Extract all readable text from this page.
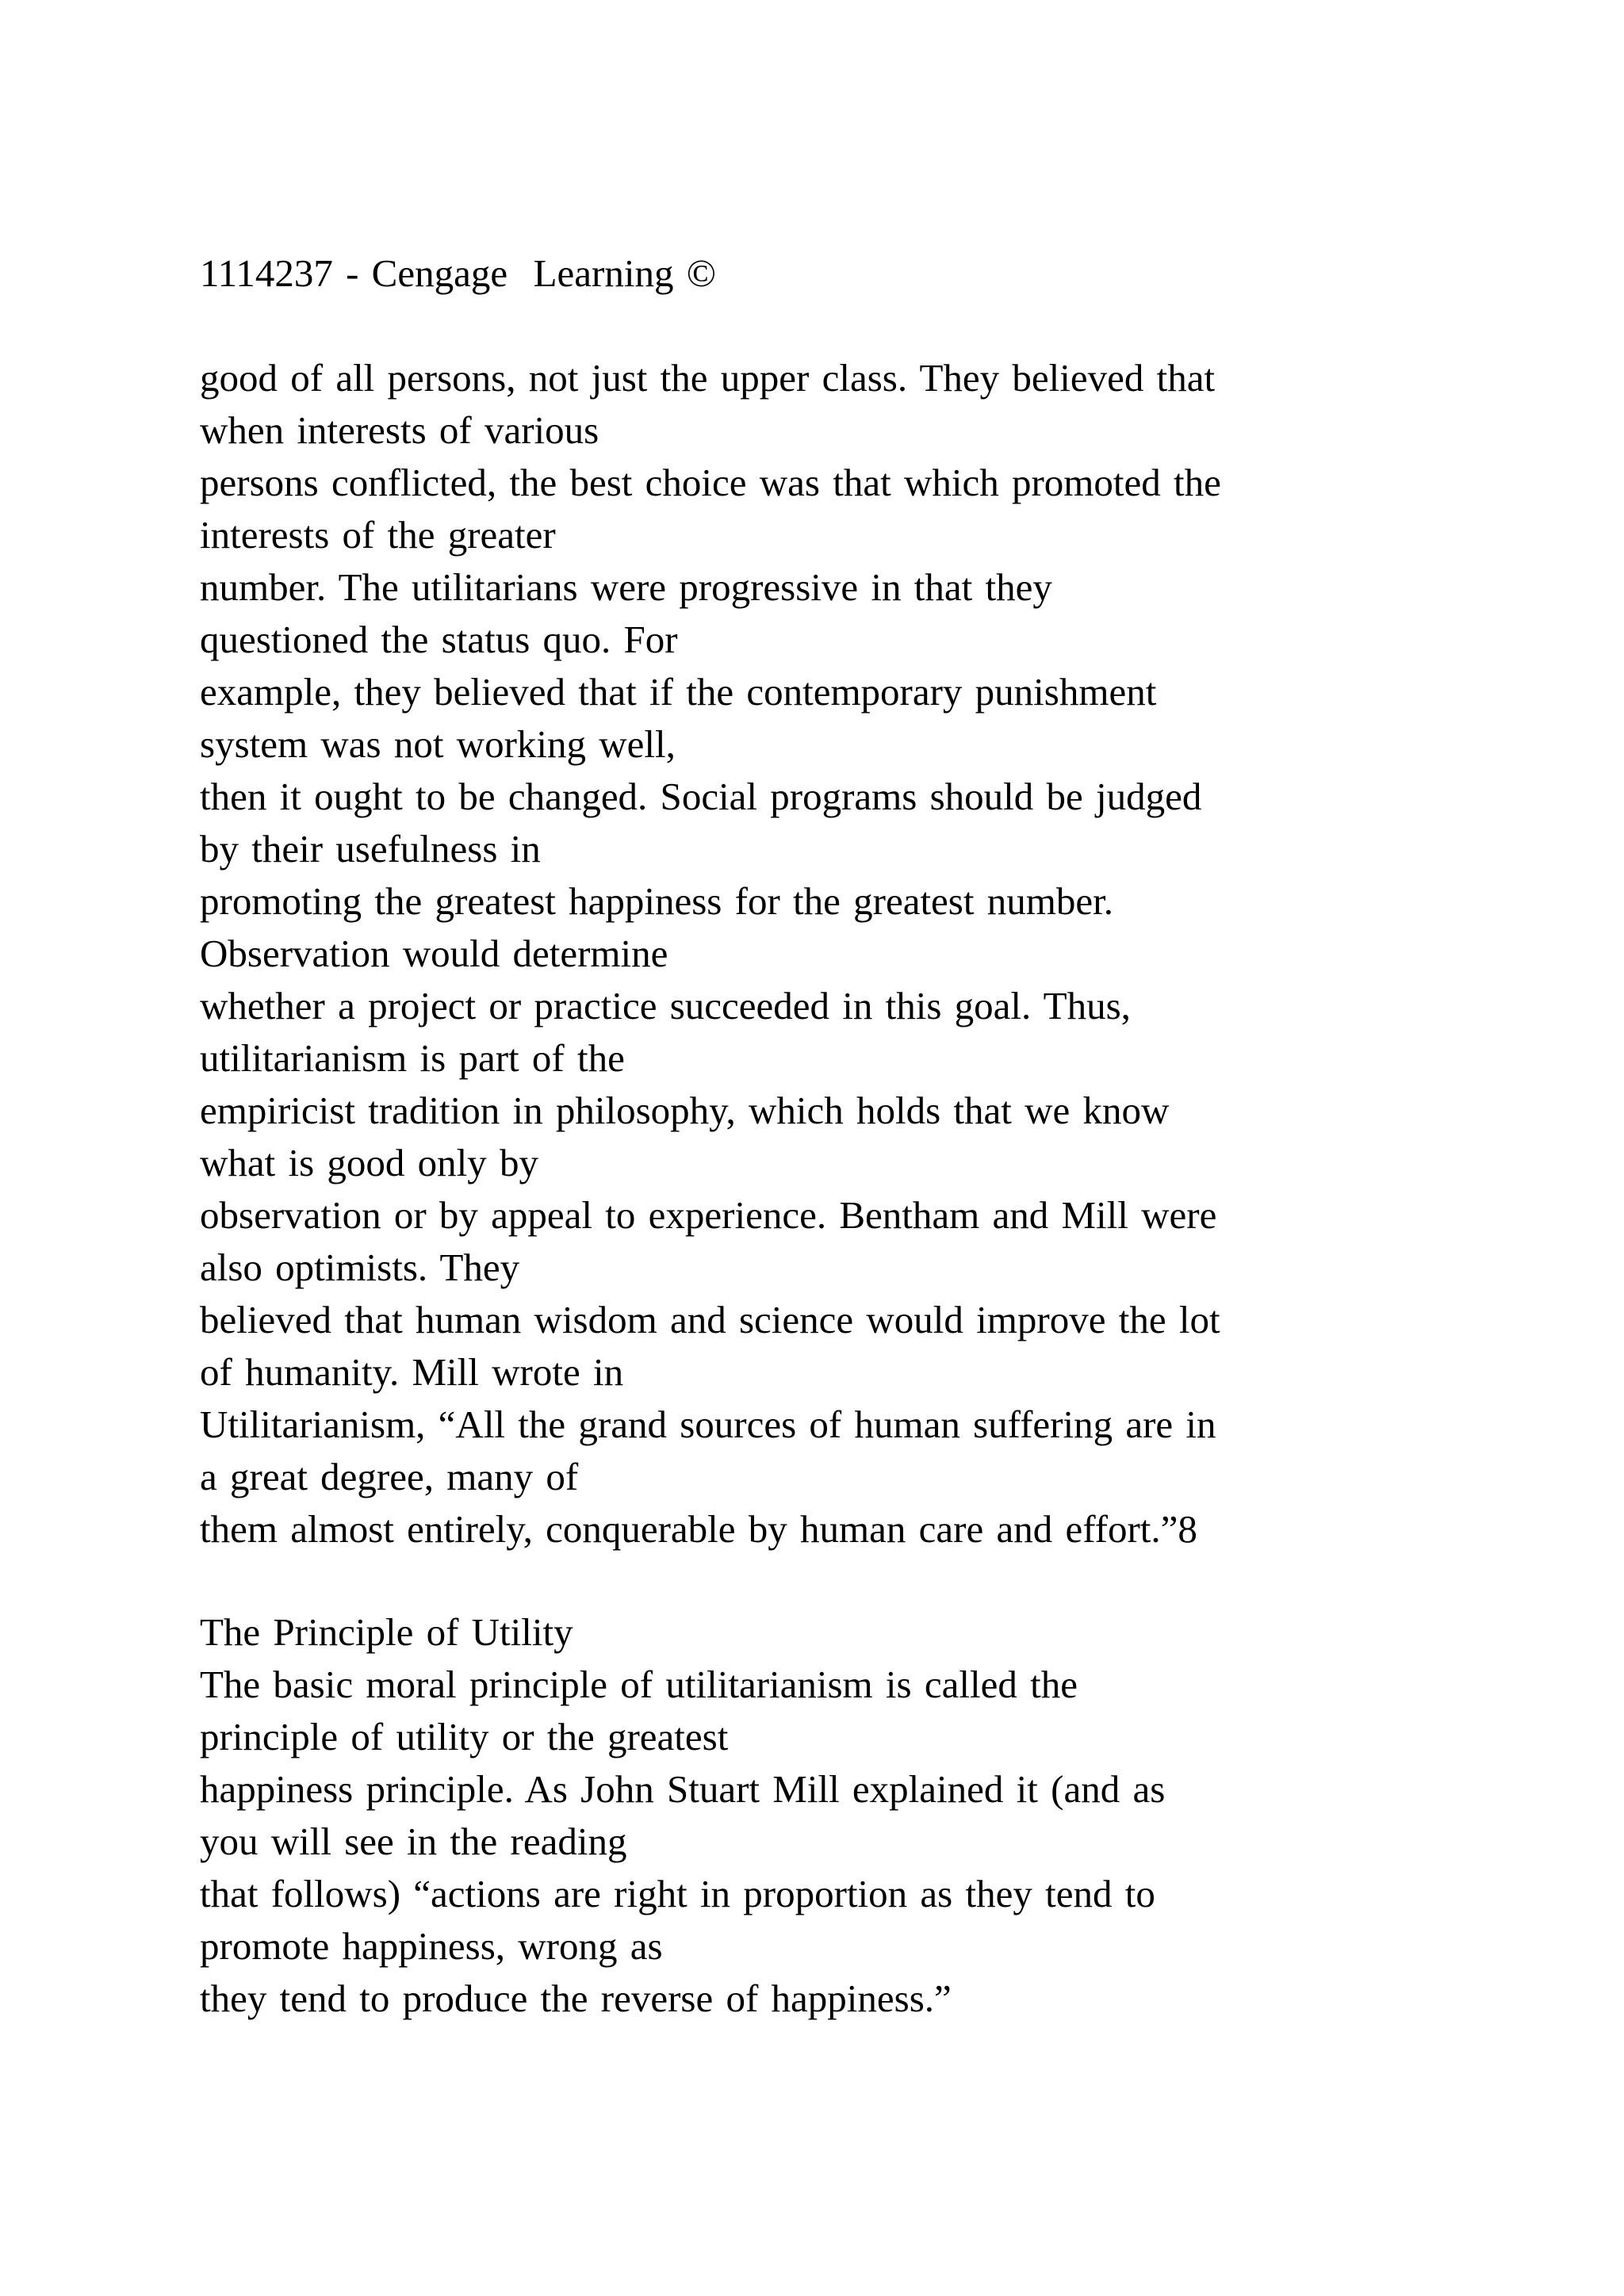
1114237 - Cengage  Learning ©

good of all persons, not just the upper class. They believed that
when interests of various
persons conflicted, the best choice was that which promoted the
interests of the greater
number. The utilitarians were progressive in that they
questioned the status quo. For
example, they believed that if the contemporary punishment
system was not working well,
then it ought to be changed. Social programs should be judged
by their usefulness in
promoting the greatest happiness for the greatest number.
Observation would determine
whether a project or practice succeeded in this goal. Thus,
utilitarianism is part of the
empiricist tradition in philosophy, which holds that we know
what is good only by
observation or by appeal to experience. Bentham and Mill were
also optimists. They
believed that human wisdom and science would improve the lot
of humanity. Mill wrote in
Utilitarianism, “All the grand sources of human suffering are in
a great degree, many of
them almost entirely, conquerable by human care and effort.”8
The Principle of Utility
The basic moral principle of utilitarianism is called the
principle of utility or the greatest
happiness principle. As John Stuart Mill explained it (and as
you will see in the reading
that follows) “actions are right in proportion as they tend to
promote happiness, wrong as
they tend to produce the reverse of happiness.”
